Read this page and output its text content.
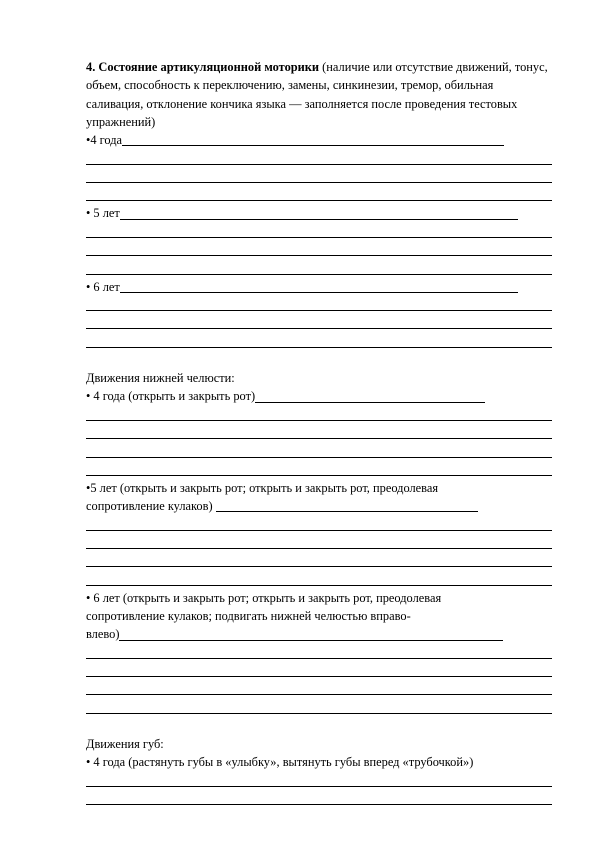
4. Состояние артикуляционной моторики (наличие или отсутствие движений, тонус, объем, способность к переключению, замены, синкинезии, тремор, обильная саливация, отклонение кончика языка — заполняется после проведения тестовых упражнений)

•4 года
• 5 лет
• 6 лет

Движения нижней челюсти:

• 4 года (открыть и закрыть рот)

•5 лет (открыть и закрыть рот; открыть и закрыть рот, преодолевая

сопротивление кулаков)

• 6 лет (открыть и закрыть рот; открыть и закрыть рот, преодолевая

сопротивление кулаков; подвигать нижней челюстью вправо-

влево)

Движения губ:

• 4 года (растянуть губы в «улыбку», вытянуть губы вперед «трубочкой»)
